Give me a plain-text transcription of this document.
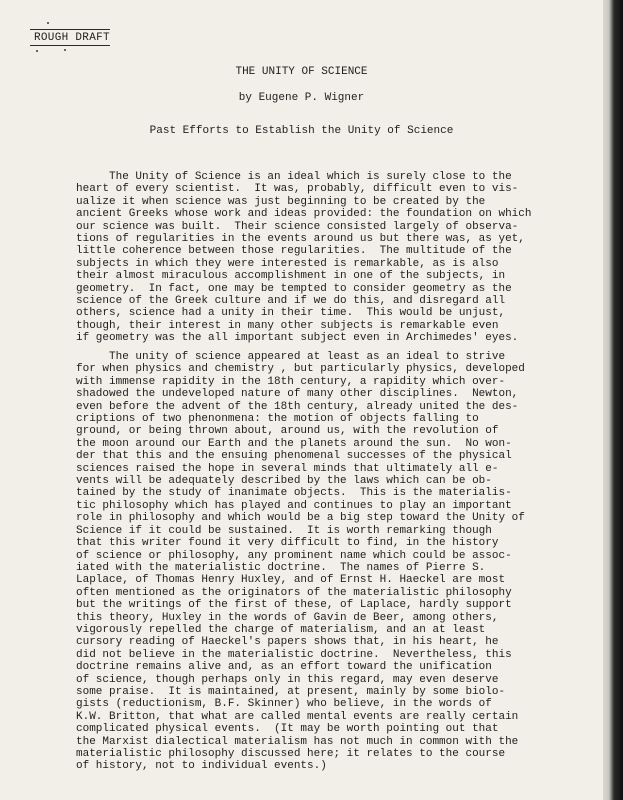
ROUGH DRAFT
THE UNITY OF SCIENCE
by Eugene P. Wigner
Past Efforts to Establish the Unity of Science
The Unity of Science is an ideal which is surely close to the
heart of every scientist.  It was, probably, difficult even to vis-
ualize it when science was just beginning to be created by the
ancient Greeks whose work and ideas provided: the foundation on which
our science was built.  Their science consisted largely of observa-
tions of regularities in the events around us but there was, as yet,
little coherence between those regularities.  The multitude of the
subjects in which they were interested is remarkable, as is also
their almost miraculous accomplishment in one of the subjects, in
geometry.  In fact, one may be tempted to consider geometry as the
science of the Greek culture and if we do this, and disregard all
others, science had a unity in their time.  This would be unjust,
though, their interest in many other subjects is remarkable even
if geometry was the all important subject even in Archimedes' eyes.
The unity of science appeared at least as an ideal to strive
for when physics and chemistry , but particularly physics, developed
with immense rapidity in the 18th century, a rapidity which over-
shadowed the undeveloped nature of many other disciplines.  Newton,
even before the advent of the 18th century, already united the des-
criptions of two phenonmena: the motion of objects falling to
ground, or being thrown about, around us, with the revolution of
the moon around our Earth and the planets around the sun.  No won-
der that this and the ensuing phenomenal successes of the physical
sciences raised the hope in several minds that ultimately all e-
vents will be adequately described by the laws which can be ob-
tained by the study of inanimate objects.  This is the materialis-
tic philosophy which has played and continues to play an important
role in philosophy and which would be a big step toward the Unity of
Science if it could be sustained.  It is worth remarking though
that this writer found it very difficult to find, in the history
of science or philosophy, any prominent name which could be assoc-
iated with the materialistic doctrine.  The names of Pierre S.
Laplace, of Thomas Henry Huxley, and of Ernst H. Haeckel are most
often mentioned as the originators of the materialistic philosophy
but the writings of the first of these, of Laplace, hardly support
this theory, Huxley in the words of Gavin de Beer, among others,
vigorously repelled the charge of materialism, and an at least
cursory reading of Haeckel's papers shows that, in his heart, he
did not believe in the materialistic doctrine.  Nevertheless, this
doctrine remains alive and, as an effort toward the unification
of science, though perhaps only in this regard, may even deserve
some praise.  It is maintained, at present, mainly by some biolo-
gists (reductionism, B.F. Skinner) who believe, in the words of
K.W. Britton, that what are called mental events are really certain
complicated physical events.  (It may be worth pointing out that
the Marxist dialectical materialism has not much in common with the
materialistic philosophy discussed here; it relates to the course
of history, not to individual events.)
